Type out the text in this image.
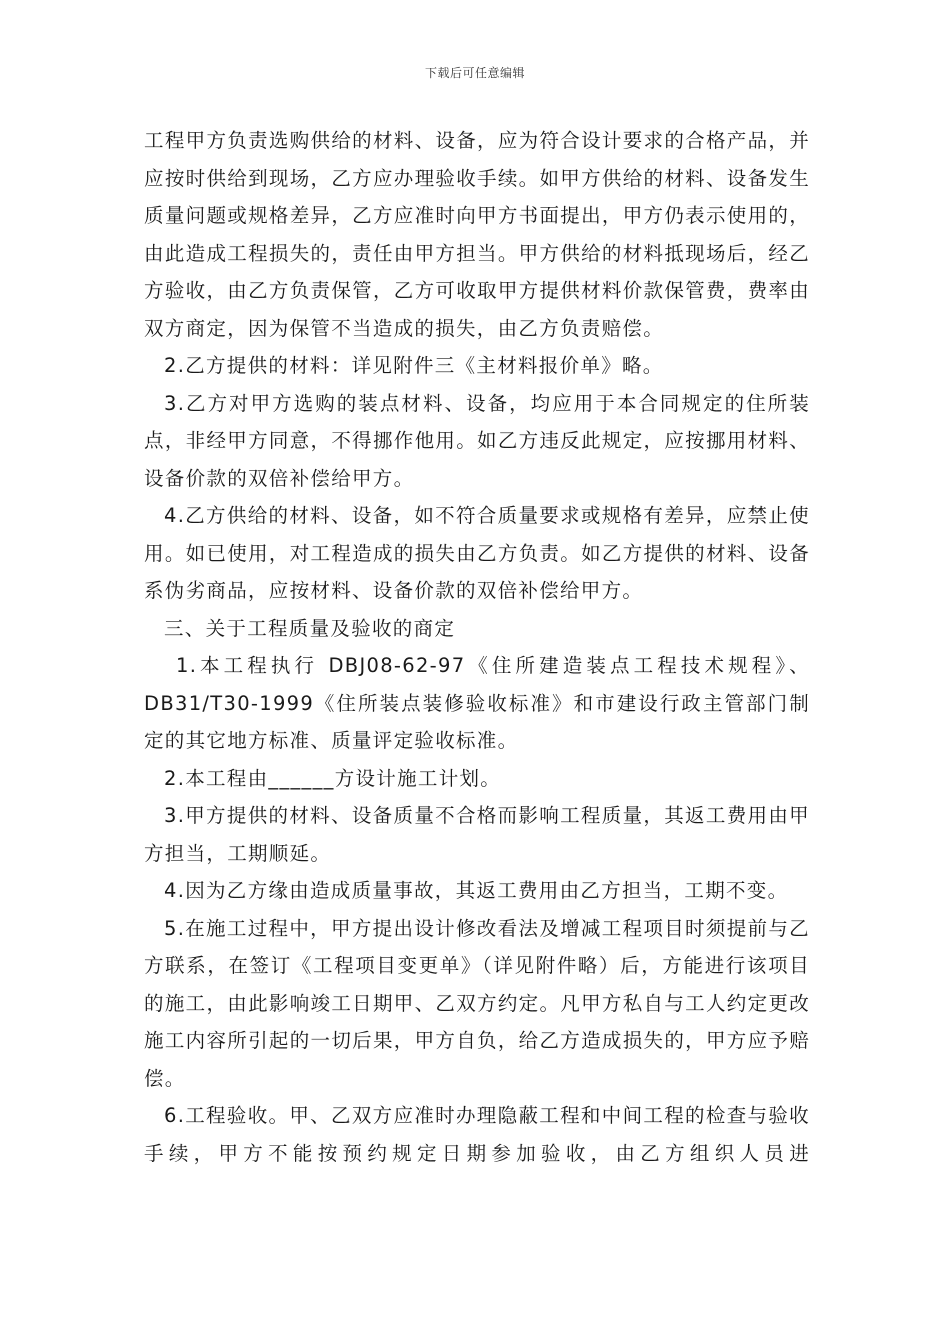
下载后可任意编辑

工程甲方负责选购供给的材料、设备，应为符合设计要求的合格产品，并应按时供给到现场，乙方应办理验收手续。如甲方供给的材料、设备发生质量问题或规格差异，乙方应准时向甲方书面提出，甲方仍表示使用的，由此造成工程损失的，责任由甲方担当。甲方供给的材料抵现场后，经乙方验收，由乙方负责保管，乙方可收取甲方提供材料价款保管费，费率由双方商定，因为保管不当造成的损失，由乙方负责赔偿。

2.乙方提供的材料：详见附件三《主材料报价单》略。

3.乙方对甲方选购的装点材料、设备，均应用于本合同规定的住所装点，非经甲方同意，不得挪作他用。如乙方违反此规定，应按挪用材料、设备价款的双倍补偿给甲方。

4.乙方供给的材料、设备，如不符合质量要求或规格有差异，应禁止使用。如已使用，对工程造成的损失由乙方负责。如乙方提供的材料、设备系伪劣商品，应按材料、设备价款的双倍补偿给甲方。

三、关于工程质量及验收的商定

1.本工程执行 DBJ08-62-97《住所建造装点工程技术规程》、DB31/T30-1999《住所装点装修验收标准》和市建设行政主管部门制定的其它地方标准、质量评定验收标准。

2.本工程由______方设计施工计划。

3.甲方提供的材料、设备质量不合格而影响工程质量，其返工费用由甲方担当，工期顺延。

4.因为乙方缘由造成质量事故，其返工费用由乙方担当，工期不变。

5.在施工过程中，甲方提出设计修改看法及增减工程项目时须提前与乙方联系，在签订《工程项目变更单》（详见附件略）后，方能进行该项目的施工，由此影响竣工日期甲、乙双方约定。凡甲方私自与工人约定更改施工内容所引起的一切后果，甲方自负，给乙方造成损失的，甲方应予赔偿。

6.工程验收。甲、乙双方应准时办理隐蔽工程和中间工程的检查与验收手续，甲方不能按预约规定日期参加验收，由乙方组织人员进
